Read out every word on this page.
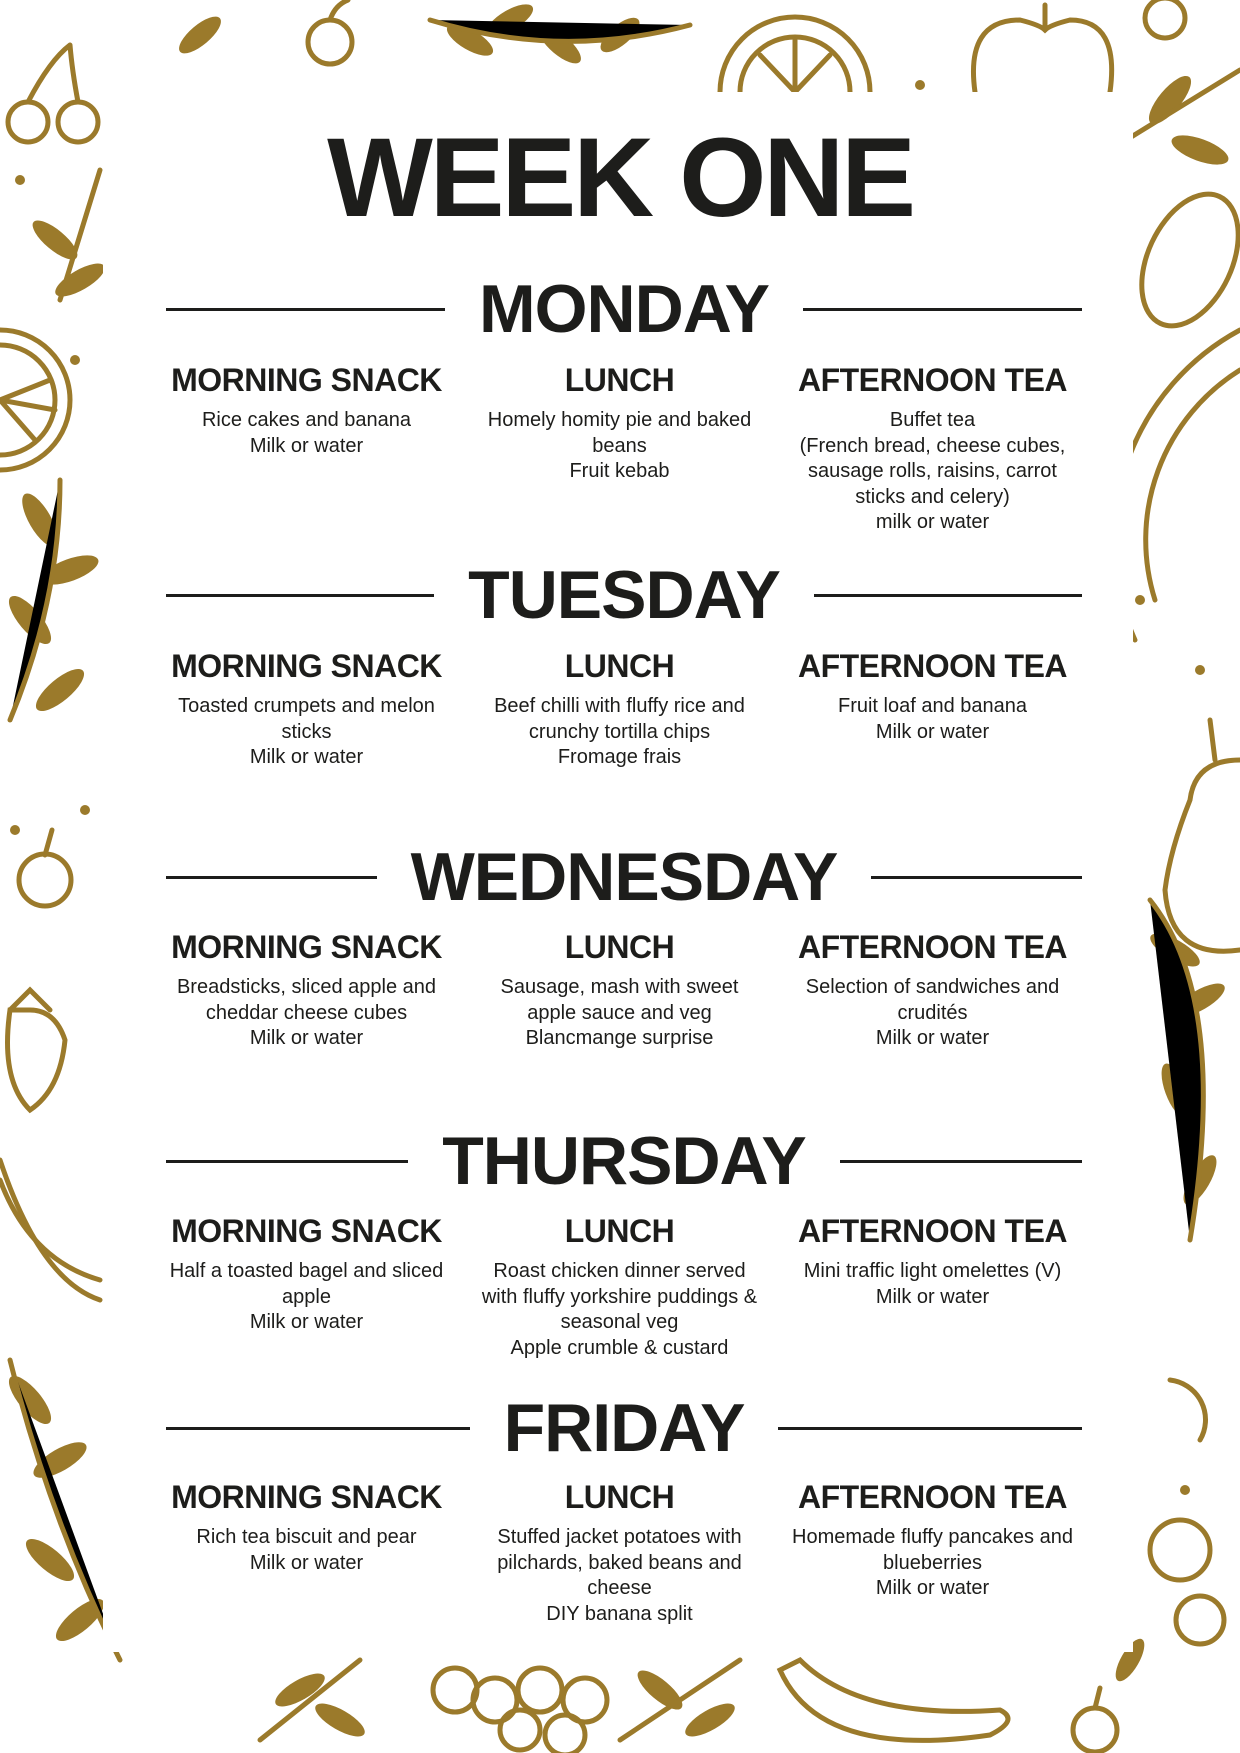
WEEK ONE
MONDAY
MORNING SNACK
Rice cakes and banana
Milk or water
LUNCH
Homely homity pie and baked
beans
Fruit kebab
AFTERNOON TEA
Buffet tea
(French bread, cheese cubes,
sausage rolls, raisins, carrot
sticks and celery)
milk or water
TUESDAY
MORNING SNACK
Toasted crumpets and melon
sticks
Milk or water
LUNCH
Beef chilli with fluffy rice and
crunchy tortilla chips
Fromage frais
AFTERNOON TEA
Fruit loaf and banana
Milk or water
WEDNESDAY
MORNING SNACK
Breadsticks, sliced apple and
cheddar cheese cubes
Milk or water
LUNCH
Sausage, mash with sweet
apple sauce and veg
Blancmange surprise
AFTERNOON TEA
Selection of sandwiches and
crudités
Milk or water
THURSDAY
MORNING SNACK
Half a toasted bagel and sliced
apple
Milk or water
LUNCH
Roast chicken dinner served
with fluffy yorkshire puddings &
seasonal veg
Apple crumble & custard
AFTERNOON TEA
Mini traffic light omelettes (V)
Milk or water
FRIDAY
MORNING SNACK
Rich tea biscuit and pear
Milk or water
LUNCH
Stuffed jacket potatoes with
pilchards, baked beans and
cheese
DIY banana split
AFTERNOON TEA
Homemade fluffy pancakes and
blueberries
Milk or water
